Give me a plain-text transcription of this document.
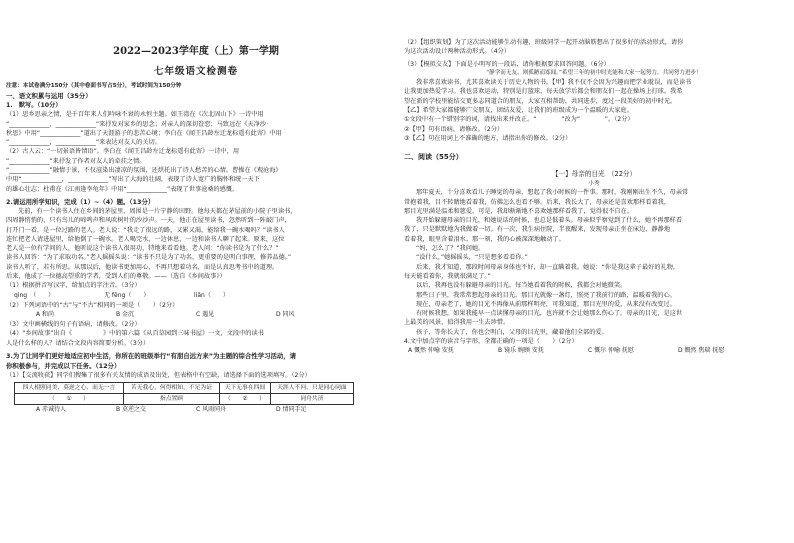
2022—2023学年度（上）第一学期
七年级语文检测卷
注意：本试卷满分150分（其中卷面书写占5分），考试时间为150分钟
一、语文积累与运用（35分）
1.　默写。（10分）
（1）思乡思亲之情，是千百年来人们吟咏不衰的永恒主题。如王湾在《次北固山下》一诗中用
“_____________，_____________”来抒发对家乡的思念；对亲人的深切眷恋；马致远在《天净沙·
秋思》中用“_____________”道出了天涯游子的悲苦心境；李白在《闻王昌龄左迁龙标遥有此寄》中用
“_____________，_____________”来表达对友人的关切。
（2）古人云：“一切景语皆情语”。李白在《闻王昌龄左迁龙标遥有此寄》一诗中，用
“_____________”来抒发了作者对友人的牵挂之情。
“_____________”融情于景，不仅渲染出凄凉的氛围，还烘托出了诗人愁苦的心情。曹操在《观沧海》
中用“_____________，_____________”写出了大海的壮阔，表现了诗人宽广的胸怀和统一天下
的雄心壮志；杜甫在《江南逢李龟年》中用“_____________”表现了世事沧桑的感慨。
2.请运用所学知识，完成（1）~（4）题。（13分）
先前，有一个读书人住在乡间的茅屋里，周围是一片宁静的田野。他每天都在茅屋前的小院子里读书，
四周静悄悄的，只有鸟儿的啼鸣声和风吹树叶的沙沙声。一天，他正在屋里读书，忽然听到一阵敲门声，
打开门一看，是一位过路的老人。老人说：“我走了很远的路，又累又渴，能给我一碗水喝吗？”读书人
连忙把老人请进屋里，给他倒了一碗水。老人喝完水，一边休息，一边和读书人聊了起来。原来，这位
老人是一位有学问的人，他听说这个读书人很用功，特地来看看他。老人问：“你读书是为了什么？”
读书人回答：“为了求取功名。”老人摇摇头说：“读书不只是为了功名，更重要的是明白事理，修养品德。”
读书人听了，若有所思。从那以后，他读书更加用心，不再只想着功名，而是认真思考书中的道理。
后来，他成了一位德高望重的学者，受到人们的尊敬。——（选自《乡间故事》）
（1）根据拼音写汉字，给加点的字注音。（3分）
qìng　（　　）	无 fēng（　　）	liǎn（　　）
（2）下列词语中的“古”与“不古”相同的一项是（　　）（2分）
A 和尚	B 金沉	C 遇见	D 同风
（3）文中画横线的句子有语病，请修改。（2分）
（4）“乡间故事”出自《　　　　　》中的第六篇《从百草园到三味书屋》一文，文段中的读书
人是什么样的人？请结合文段内容简要分析。（3分）
3.为了让同学们更好地适应初中生活，你所在的班级举行“有朋自远方来”为主题的综合性学习活动，请
你积极参与，并完成以下任务。（12分）
（1）【交流收获】同学们搜集了很多有关友情的成语及出处，但表格中有空缺，请选择下面的选项填写。（2分）
四人相照同美，莫逆之心，而无一言	苦无我心，何得相知，不足为证	天下无事在四间	天涯人不问，只是同心同面
（　　①　　）	指点置顾	（　　②　　）	同舟共济
A 赤诚待人	B 莫逆之交	C 风雨同舟	D 情同手足
（2）【组织策划】为了这次活动能够生动有趣，班级同学一起开动脑筋想出了很多好的活动形式，请你
为这次活动设计两种活动形式。（4分）
（3）【模拟交友】下面是小明写的一段话，请你根据要求回答问题。（6分）
“静学而无友，则孤陋而寡闻。”希望三年的初中时光能和大家一起努力，共同努力进步！
我非常喜欢读书，尤其喜欢读关于历史人物的书。【甲】我不仅不会因为兴趣而把学业耽误，而是读书
让我更加热爱学习。我也喜欢运动，特别是打篮球，每天放学后都会和朋友们一起在操场上打球。我希
望在新的学校里能结交更多志同道合的朋友，大家互相帮助，共同进步，度过一段美好的初中时光。
【乙】希望大家都能够广交朋友，团结友爱，让我们的班级成为一个温暖的大家庭。
①文段中有一个错别字的词，请找出来并改正。“　　　　”改为“　　　　”。（2分）
②【甲】句有语病，请修改。（2分）
③【乙】句在用词上不准确的地方，请指出你的修改。（2分）
二、阅读（55分）
【一】母亲的目光　（22分）
小秀
那年夏天，十分喜欢看儿子睡觉的母亲，想起了我小时候的一件事。那时，我刚刚出生不久，母亲常
常抱着我，目不转睛地看着我，仿佛怎么也看不够。后来，我长大了，母亲还是喜欢那样看着我，
那目光里满是温柔和慈爱。可是，我却渐渐地不喜欢她那样看我了，觉得很不自在。
我开始躲避母亲的目光，和她说话的时候，也总是低着头。母亲似乎察觉到了什么，她不再那样看
我了，只是默默地为我做着一切。有一次，我生病住院，半夜醒来，发现母亲正坐在床边，静静地
看着我，眼里含着泪水。那一刻，我的心被深深地触动了。
“妈，怎么了？”我问她。
“没什么，”她摇摇头，“只是想多看看你。”
后来，我才知道，那段时间母亲身体也不好，却一直瞒着我。她说：“你是我这辈子最好的礼物，
每天能看着你，我就很满足了。”
以后，我再也没有躲避母亲的目光。每当她看着我的时候，我都会对她微笑。
那些日子里，我常常想起母亲的目光。那目光就像一盏灯，照亮了我前行的路，温暖着我的心。
现在，母亲老了，她的目光不再像从前那样明亮，可我知道，那目光里的爱，从来没有改变过。
有时候我想，如果我能早一点读懂母亲的目光，也许就不会让她那么伤心了。母亲的目光，是这世
上最美的风景，值得我用一生去珍惜。
孩子，等你长大了，你也会明白，父母的目光里，藏着他们全部的爱。
4.文中加点字的读音与字形，全都正确的一项是（　　）（2分）
A 慨然 仲喻 安抚	B 镜乐 婉顾 安抚	C 慨尔 仲喻 抚慰	D 慨然 焦瑞 抚慰
